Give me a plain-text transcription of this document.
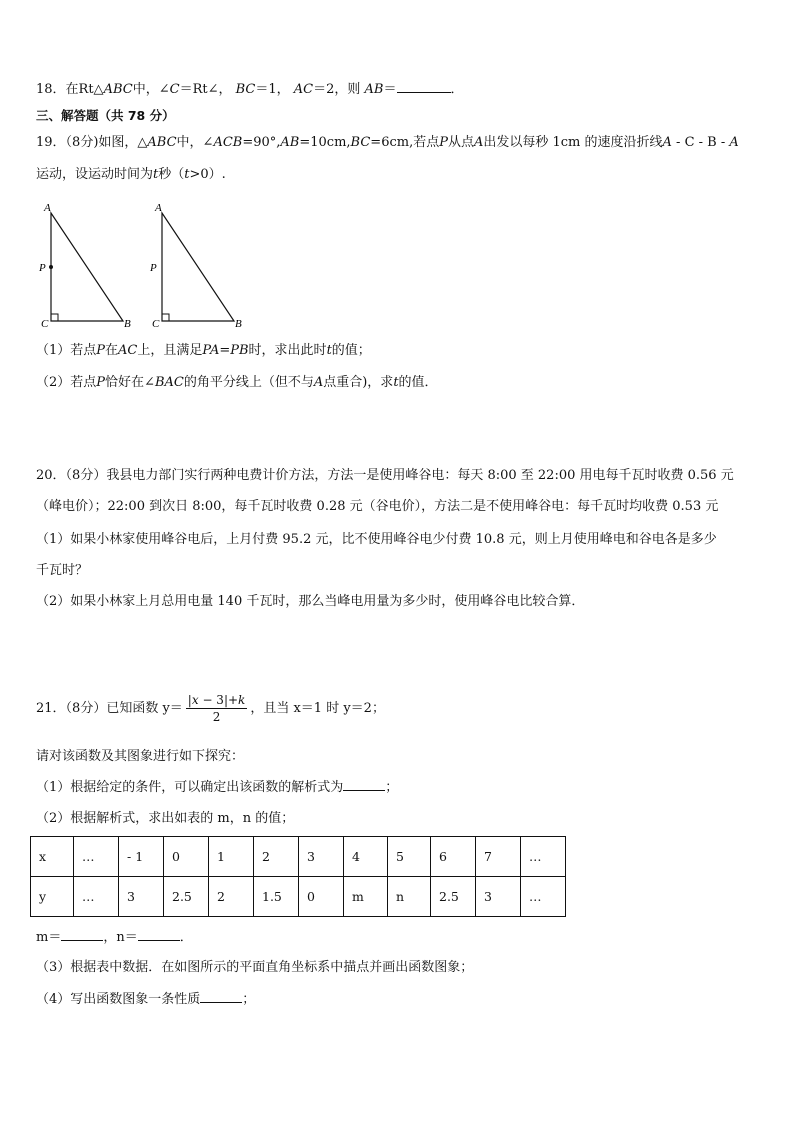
18．在Rt△ABC中，∠C＝Rt∠， BC＝1， AC＝2，则 AB＝	．
三、解答题（共 78 分）
19．（8分)如图，△ABC中，∠ACB=90°,AB=10cm,BC=6cm,若点P从点A出发以每秒 1cm 的速度沿折线A - C - B - A
运动，设运动时间为t秒（t>0）.
A
P
C	B
A
P
C	B
（1）若点P在AC上，且满足PA=PB时，求出此时t的值；
（2）若点P恰好在∠BAC的角平分线上（但不与A点重合)，求t的值．
20．（8分）我县电力部门实行两种电费计价方法，方法一是使用峰谷电：每天 8:00 至 22:00 用电每千瓦时收费 0.56 元
（峰电价）；22:00 到次日 8:00，每千瓦时收费 0.28 元（谷电价），方法二是不使用峰谷电：每千瓦时均收费 0.53 元
（1）如果小林家使用峰谷电后，上月付费 95.2 元，比不使用峰谷电少付费 10.8 元，则上月使用峰电和谷电各是多少
千瓦时？
（2）如果小林家上月总用电量 140 千瓦时，那么当峰电用量为多少时，使用峰谷电比较合算．
21．（8分）已知函数 $y= \frac{|x - 3|+k}{2}$ ，且当 x＝1 时 y＝2；
请对该函数及其图象进行如下探究：
（1）根据给定的条件，可以确定出该函数的解析式为	；
（2）根据解析式，求出如表的 m，n 的值；
x	…	- 1	0	1	2	3	4	5	6	7	…
y	…	3	2.5	2	1.5	0	m	n	2.5	3	…
m＝	，n＝	．
（3）根据表中数据．在如图所示的平面直角坐标系中描点并画出函数图象；
（4）写出函数图象一条性质	；
